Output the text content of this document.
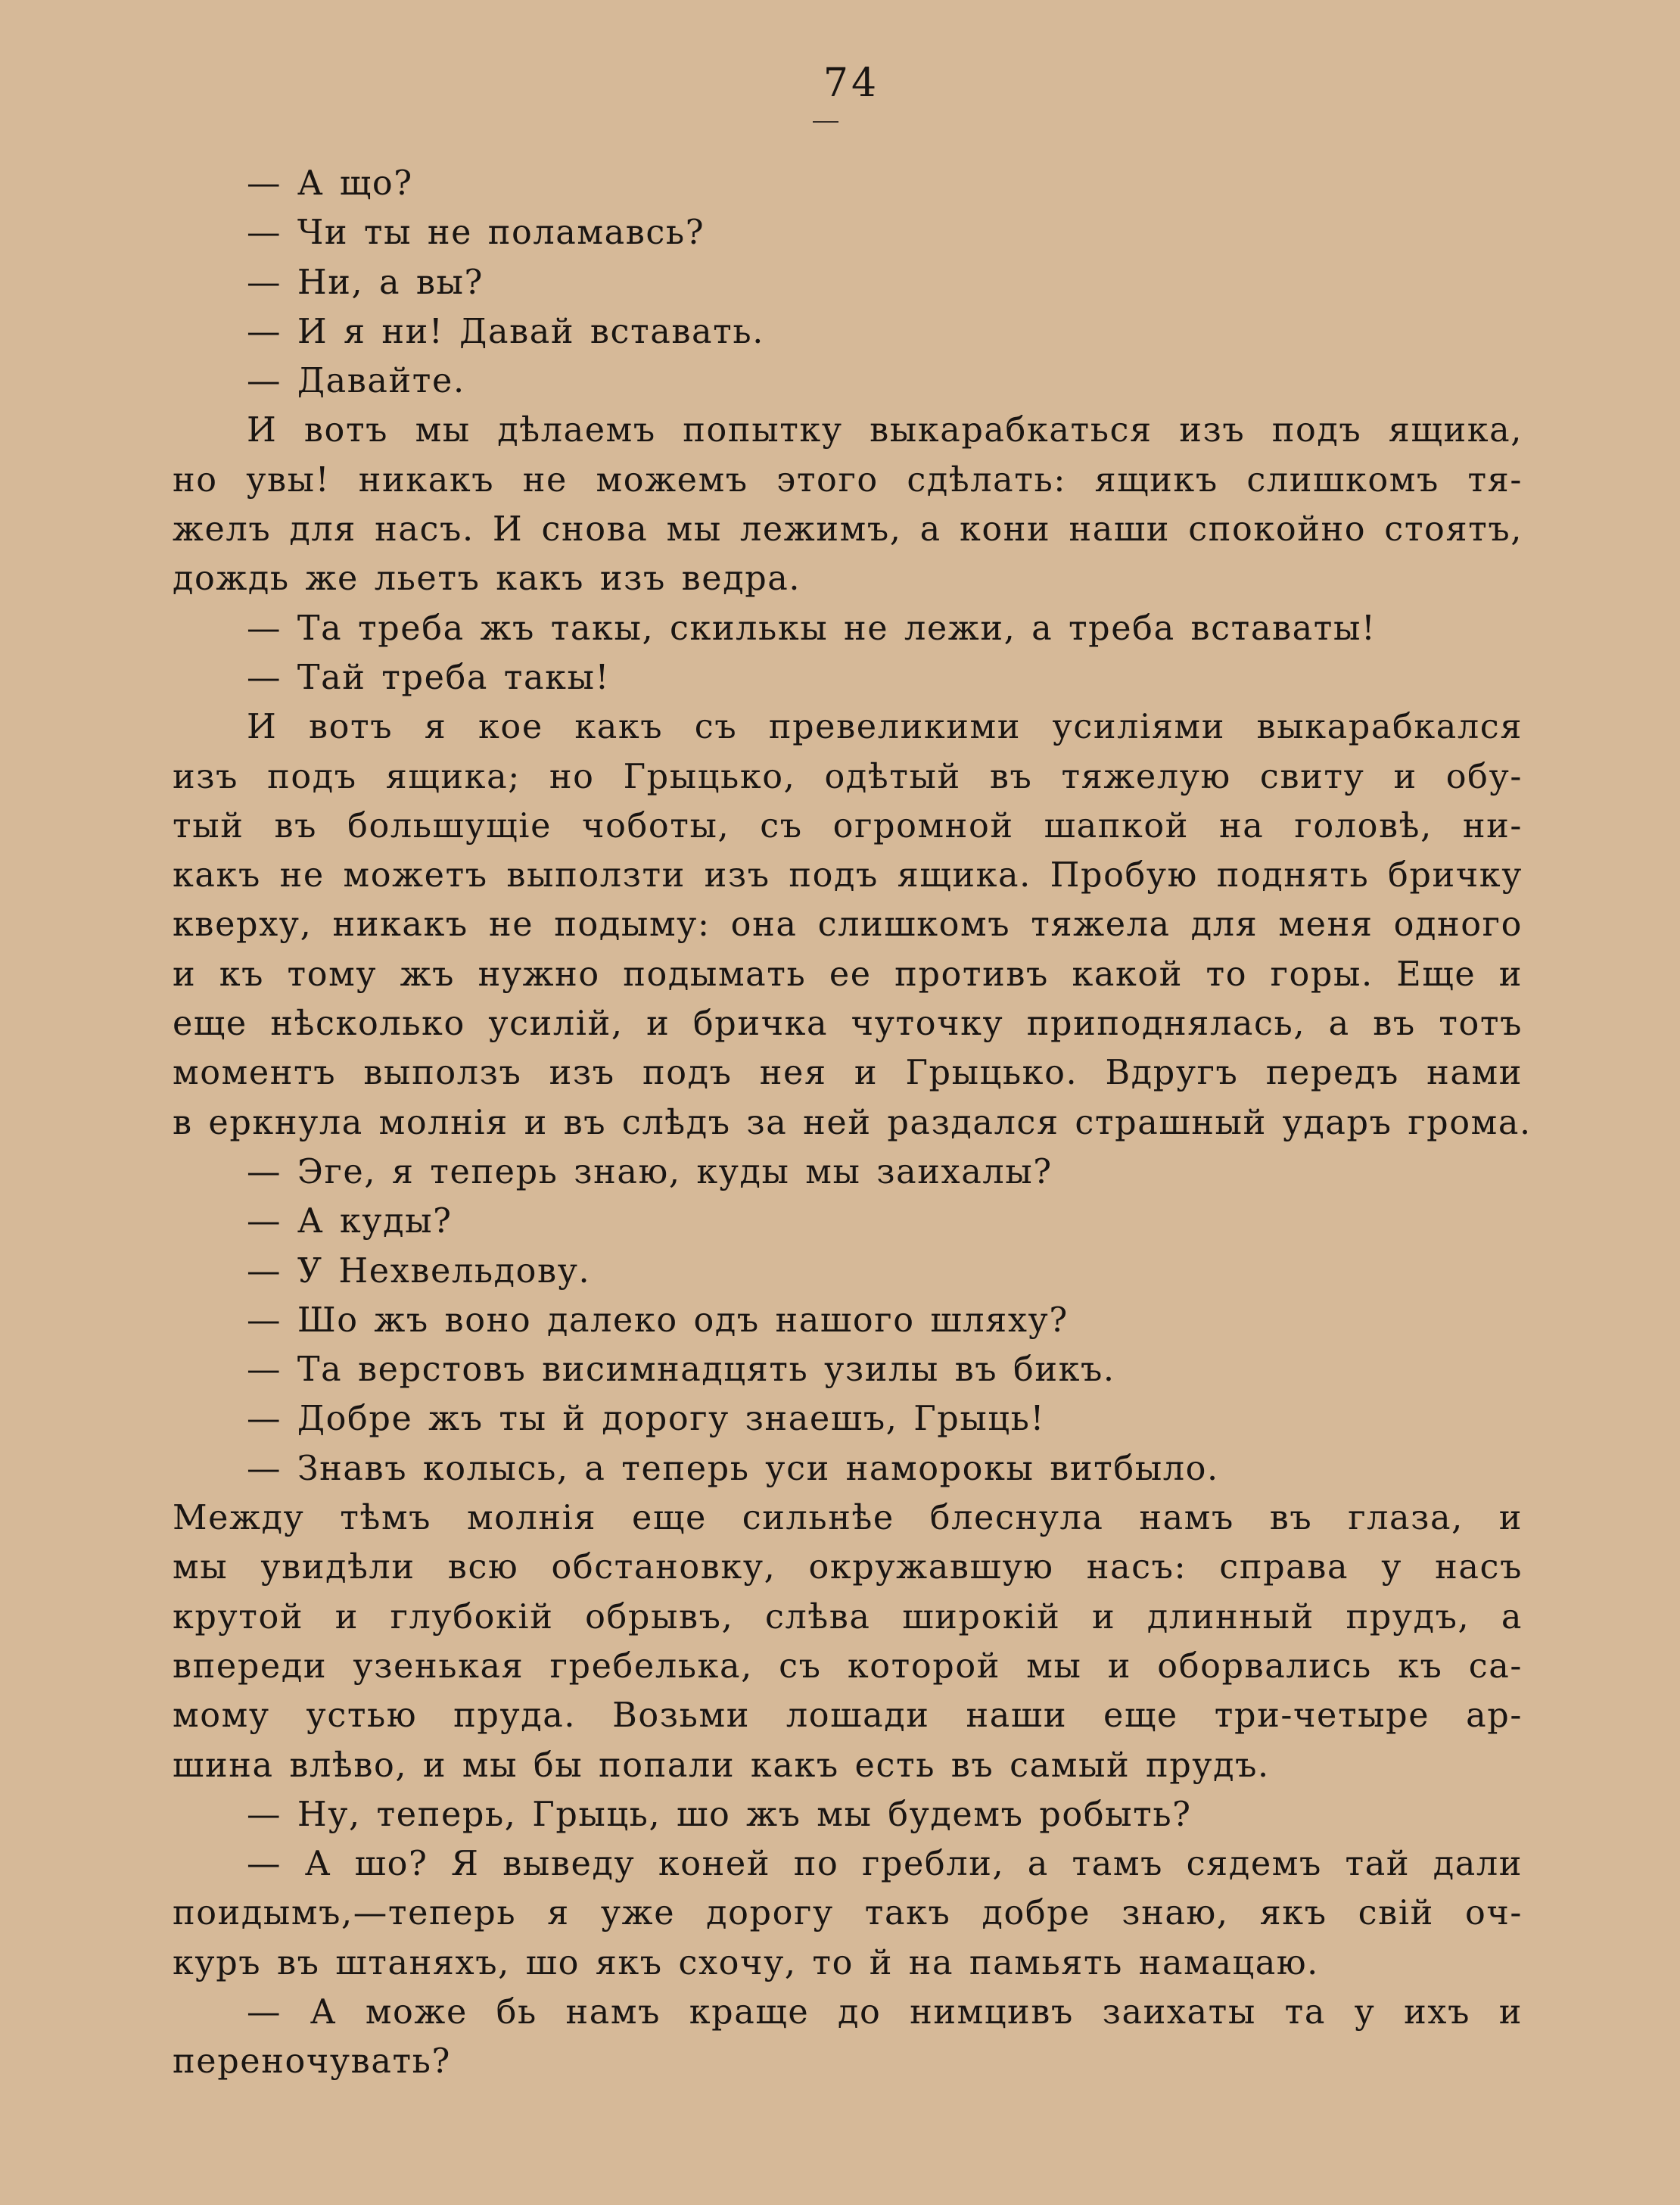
74
— А що?
— Чи ты не поламавсь?
— Ни, а вы?
— И я ни! Давай вставать.
— Давайте.
И вотъ мы дѣлаемъ попытку выкарабкаться изъ подъ ящика,
но увы! никакъ не можемъ этого сдѣлать: ящикъ слишкомъ тя-
желъ для насъ. И снова мы лежимъ, а кони наши спокойно стоятъ,
дождь же льетъ какъ изъ ведра.
— Та треба жъ такы, скилькы не лежи, а треба вставаты!
— Тай треба такы!
И вотъ я кое какъ съ превеликими усиліями выкарабкался
изъ подъ ящика; но Грыцько, одѣтый въ тяжелую свиту и обу-
тый въ большущіе чоботы, съ огромной шапкой на головѣ, ни-
какъ не можетъ выползти изъ подъ ящика. Пробую поднять бричку
кверху, никакъ не подыму: она слишкомъ тяжела для меня одного
и къ тому жъ нужно подымать ее противъ какой то горы. Еще и
еще нѣсколько усилій, и бричка чуточку приподнялась, а въ тотъ
моментъ выползъ изъ подъ нея и Грыцько. Вдругъ передъ нами
в еркнула молнія и въ слѣдъ за ней раздался страшный ударъ грома.
— Эге, я теперь знаю, куды мы заихалы?
— А куды?
— У Нехвельдову.
— Шо жъ воно далеко одъ нашого шляху?
— Та верстовъ висимнадцять узилы въ бикъ.
— Добре жъ ты й дорогу знаешъ, Грыць!
— Знавъ колысь, а теперь уси наморокы витбыло.
Между тѣмъ молнія еще сильнѣе блеснула намъ въ глаза, и
мы увидѣли всю обстановку, окружавшую насъ: справа у насъ
крутой и глубокій обрывъ, слѣва широкій и длинный прудъ, а
впереди узенькая гребелька, съ которой мы и оборвались къ са-
мому устью пруда. Возьми лошади наши еще три-четыре ар-
шина влѣво, и мы бы попали какъ есть въ самый прудъ.
— Ну, теперь, Грыць, шо жъ мы будемъ робыть?
— А шо? Я выведу коней по гребли, а тамъ сядемъ тай дали
поидымъ,—теперь я уже дорогу такъ добре знаю, якъ свій оч-
куръ въ штаняхъ, шо якъ схочу, то й на памьять намацаю.
— А може бь намъ краще до нимцивъ заихаты та у ихъ и
переночувать?
